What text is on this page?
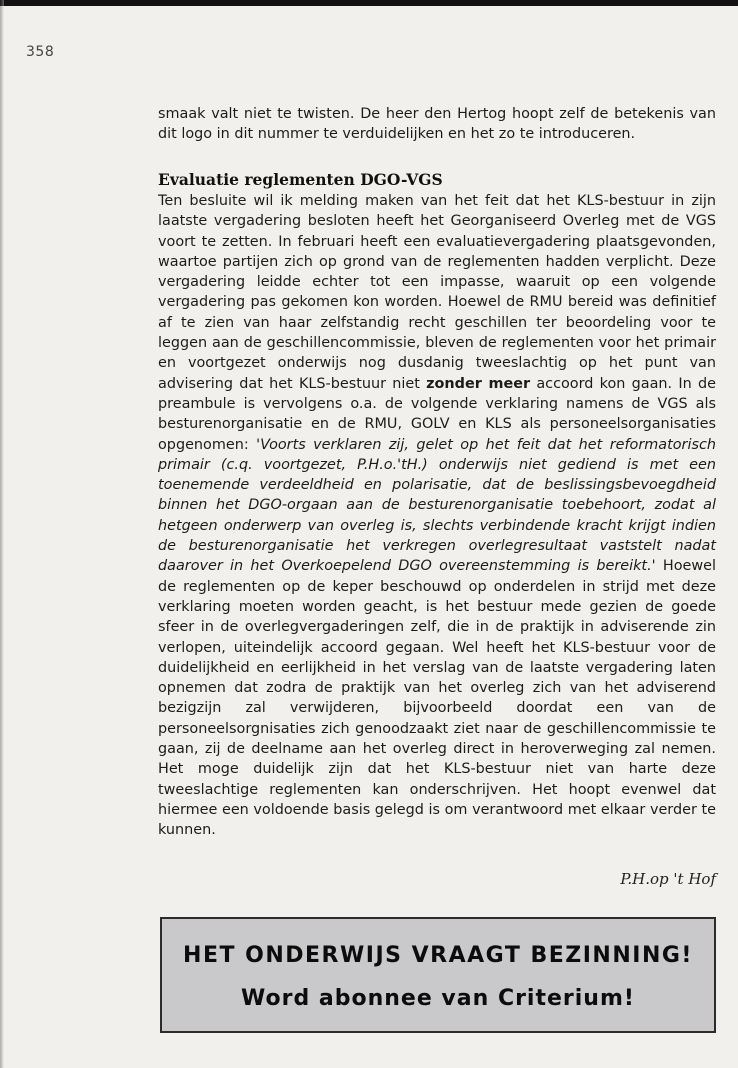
358
smaak valt niet te twisten. De heer den Hertog hoopt zelf de betekenis van dit logo in dit nummer te verduidelijken en het zo te introduceren.
Evaluatie reglementen DGO-VGS
Ten besluite wil ik melding maken van het feit dat het KLS-bestuur in zijn laatste vergadering besloten heeft het Georganiseerd Overleg met de VGS voort te zetten. In februari heeft een evaluatievergadering plaatsgevonden, waartoe partijen zich op grond van de reglementen hadden verplicht. Deze vergadering leidde echter tot een impasse, waaruit op een volgende vergadering pas gekomen kon worden. Hoewel de RMU bereid was definitief af te zien van haar zelfstandig recht geschillen ter beoordeling voor te leggen aan de geschillencommissie, bleven de reglementen voor het primair en voortgezet onderwijs nog dusdanig tweeslachtig op het punt van advisering dat het KLS-bestuur niet zonder meer accoord kon gaan. In de preambule is vervolgens o.a. de volgende verklaring namens de VGS als besturenorganisatie en de RMU, GOLV en KLS als personeelsorganisaties opgenomen: 'Voorts verklaren zij, gelet op het feit dat het reformatorisch primair (c.q. voortgezet, P.H.o.'tH.) onderwijs niet gediend is met een toenemende verdeeldheid en polarisatie, dat de beslissingsbevoegdheid binnen het DGO-orgaan aan de besturenorganisatie toebehoort, zodat al hetgeen onderwerp van overleg is, slechts verbindende kracht krijgt indien de besturenorganisatie het verkregen overlegresultaat vaststelt nadat daarover in het Overkoepelend DGO overeenstemming is bereikt.' Hoewel de reglementen op de keper beschouwd op onderdelen in strijd met deze verklaring moeten worden geacht, is het bestuur mede gezien de goede sfeer in de overlegvergaderingen zelf, die in de praktijk in adviserende zin verlopen, uiteindelijk accoord gegaan. Wel heeft het KLS-bestuur voor de duidelijkheid en eerlijkheid in het verslag van de laatste vergadering laten opnemen dat zodra de praktijk van het overleg zich van het adviserend bezigzijn zal verwijderen, bijvoorbeeld doordat een van de personeelsorgnisaties zich genoodzaakt ziet naar de geschillencommissie te gaan, zij de deelname aan het overleg direct in heroverweging zal nemen. Het moge duidelijk zijn dat het KLS-bestuur niet van harte deze tweeslachtige reglementen kan onderschrijven. Het hoopt evenwel dat hiermee een voldoende basis gelegd is om verantwoord met elkaar verder te kunnen.
P.H.op 't Hof
HET ONDERWIJS VRAAGT BEZINNING!
Word abonnee van Criterium!
